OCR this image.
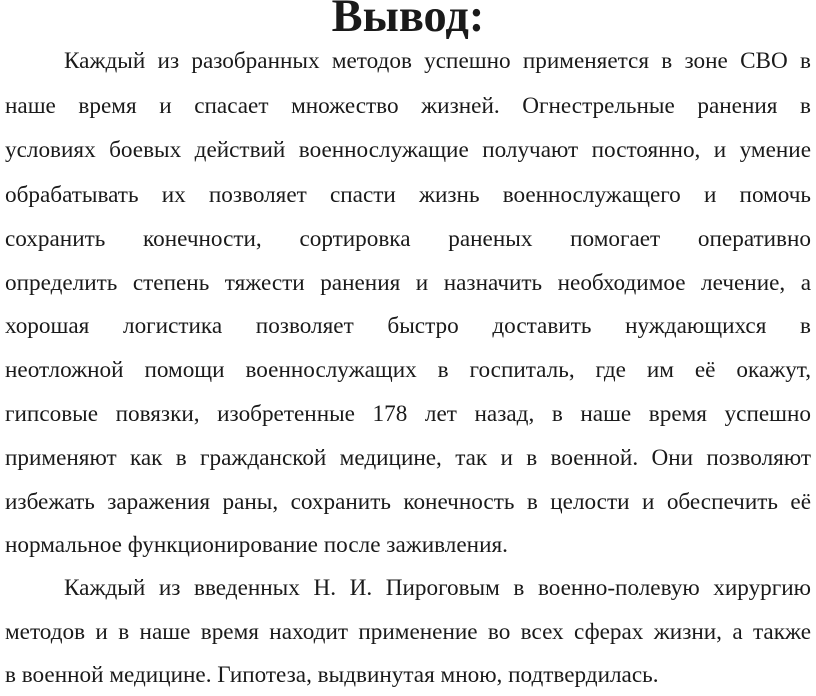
Вывод:

Каждый из разобранных методов успешно применяется в зоне СВО в

наше время и спасает множество жизней. Огнестрельные ранения в

условиях боевых действий военнослужащие получают постоянно, и умение

обрабатывать их позволяет спасти жизнь военнослужащего и помочь

сохранить конечности, сортировка раненых помогает оперативно

определить степень тяжести ранения и назначить необходимое лечение, а

хорошая логистика позволяет быстро доставить нуждающихся в

неотложной помощи военнослужащих в госпиталь, где им её окажут,

гипсовые повязки, изобретенные 178 лет назад, в наше время успешно

применяют как в гражданской медицине, так и в военной. Они позволяют

избежать заражения раны, сохранить конечность в целости и обеспечить её

нормальное функционирование после заживления.

Каждый из введенных Н. И. Пироговым в военно-полевую хирургию

методов и в наше время находит применение во всех сферах жизни, а также

в военной медицине. Гипотеза, выдвинутая мною, подтвердилась.
